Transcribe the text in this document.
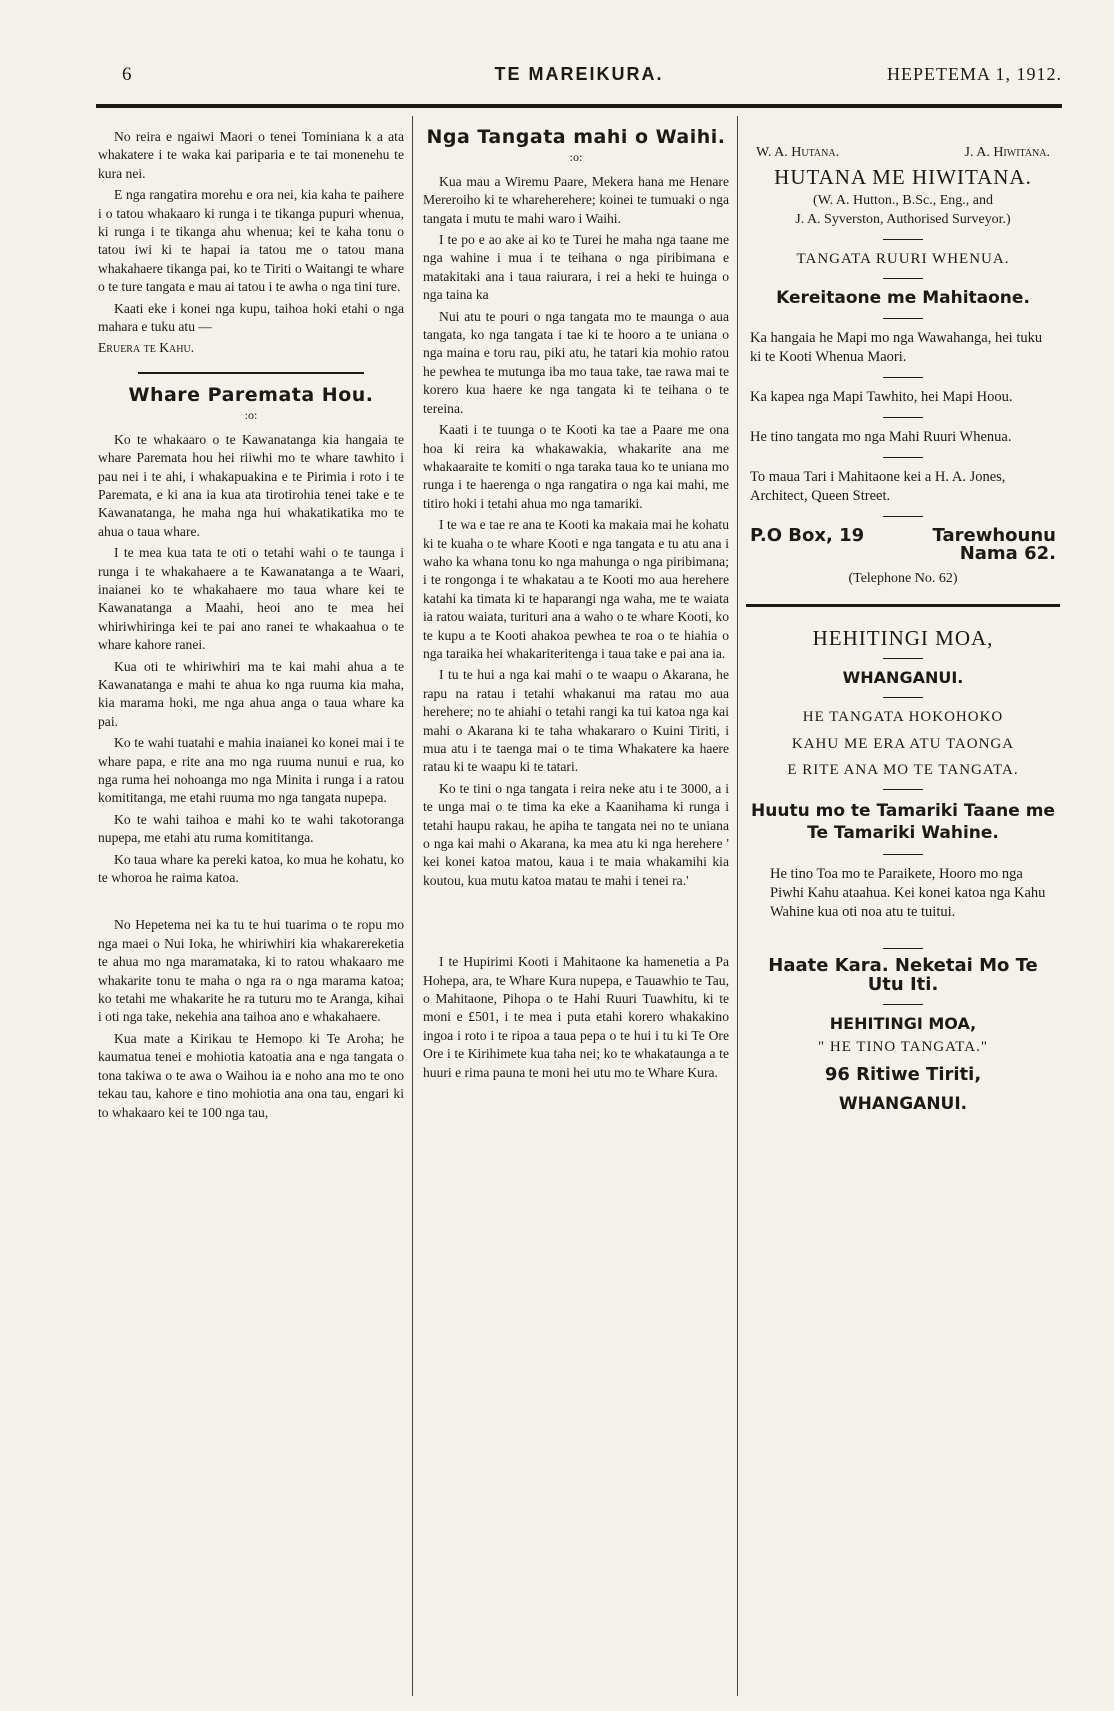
6	TE MAREIKURA.	HEPETEMA 1, 1912.

No reira e ngaiwi Maori o tenei Tominiana k a ata whakatere i te waka kai pariparia e te tai monenehu te kura nei.

E nga rangatira morehu e ora nei, kia kaha te paihere i o tatou whakaaro ki runga i te tikanga pupuri whenua, ki runga i te tikanga ahu whenua; kei te kaha tonu o tatou iwi ki te hapai ia tatou me o tatou mana whakahaere tikanga pai, ko te Tiriti o Waitangi te whare o te ture tangata e mau ai tatou i te awha o nga tini ture.

Kaati eke i konei nga kupu, taihoa hoki etahi o nga mahara e tuku atu —

Eruera te Kahu.

Whare Paremata Hou.
:o:

Ko te whakaaro o te Kawanatanga kia hangaia te whare Paremata hou hei riiwhi mo te whare tawhito i pau nei i te ahi, i whakapuakina e te Pirimia i roto i te Paremata, e ki ana ia kua ata tirotirohia tenei take e te Kawanatanga, he maha nga hui whakatikatika mo te ahua o taua whare.

I te mea kua tata te oti o tetahi wahi o te taunga i runga i te whakahaere a te Kawanatanga a te Waari, inaianei ko te whakahaere mo taua whare kei te Kawanatanga a Maahi, heoi ano te mea hei whiriwhiringa kei te pai ano ranei te whakaahua o te whare kahore ranei.

Kua oti te whiriwhiri ma te kai mahi ahua a te Kawanatanga e mahi te ahua ko nga ruuma kia maha, kia marama hoki, me nga ahua anga o taua whare ka pai.

Ko te wahi tuatahi e mahia inaianei ko konei mai i te whare papa, e rite ana mo nga ruuma nunui e rua, ko nga ruma hei nohoanga mo nga Minita i runga i a ratou komititanga, me etahi ruuma mo nga tangata nupepa.

Ko te wahi taihoa e mahi ko te wahi takotoranga nupepa, me etahi atu ruma komititanga.

Ko taua whare ka pereki katoa, ko mua he kohatu, ko te whoroa he raima katoa.

No Hepetema nei ka tu te hui tuarima o te ropu mo nga maei o Nui Ioka, he whiriwhiri kia whakarereketia te ahua mo nga maramataka, ki to ratou whakaaro me whakarite tonu te maha o nga ra o nga marama katoa; ko tetahi me whakarite he ra tuturu mo te Aranga, kihai i oti nga take, nekehia ana taihoa ano e whakahaere.

Kua mate a Kirikau te Hemopo ki Te Aroha; he kaumatua tenei e mohiotia katoatia ana e nga tangata o tona takiwa o te awa o Waihou ia e noho ana mo te ono tekau tau, kahore e tino mohiotia ana ona tau, engari ki to whakaaro kei te 100 nga tau,

Nga Tangata mahi o Waihi.
:o:

Kua mau a Wiremu Paare, Mekera hana me Henare Mereroiho ki te whareherehere; koinei te tumuaki o nga tangata i mutu te mahi waro i Waihi.

I te po e ao ake ai ko te Turei he maha nga taane me nga wahine i mua i te teihana o nga piribimana e matakitaki ana i taua raiurara, i rei a heki te huinga o nga taina ka

Nui atu te pouri o nga tangata mo te maunga o aua tangata, ko nga tangata i tae ki te hooro a te uniana o nga maina e toru rau, piki atu, he tatari kia mohio ratou he pewhea te mutunga iba mo taua take, tae rawa mai te korero kua haere ke nga tangata ki te teihana o te tereina.

Kaati i te tuunga o te Kooti ka tae a Paare me ona hoa ki reira ka whakawakia, whakarite ana me whakaaraite te komiti o nga taraka taua ko te uniana mo runga i te haerenga o nga rangatira o nga kai mahi, me titiro hoki i tetahi ahua mo nga tamariki.

I te wa e tae re ana te Kooti ka makaia mai he kohatu ki te kuaha o te whare Kooti e nga tangata e tu atu ana i waho ka whana tonu ko nga mahunga o nga piribimana; i te rongonga i te whakatau a te Kooti mo aua herehere katahi ka timata ki te haparangi nga waha, me te waiata ia ratou waiata, turituri ana a waho o te whare Kooti, ko te kupu a te Kooti ahakoa pewhea te roa o te hiahia o nga taraika hei whakariteritenga i taua take e pai ana ia.

I tu te hui a nga kai mahi o te waapu o Akarana, he rapu na ratau i tetahi whakanui ma ratau mo aua herehere; no te ahiahi o tetahi rangi ka tui katoa nga kai mahi o Akarana ki te taha whakararo o Kuini Tiriti, i mua atu i te taenga mai o te tima Whakatere ka haere ratau ki te waapu ki te tatari.

Ko te tini o nga tangata i reira neke atu i te 3000, a i te unga mai o te tima ka eke a Kaanihama ki runga i tetahi haupu rakau, he apiha te tangata nei no te uniana o nga kai mahi o Akarana, ka mea atu ki nga herehere ' kei konei katoa matou, kaua i te maia whakamihi kia koutou, kua mutu katoa matau te mahi i tenei ra.'

I te Hupirimi Kooti i Mahitaone ka hamenetia a Pa Hohepa, ara, te Whare Kura nupepa, e Tauawhio te Tau, o Mahitaone, Pihopa o te Hahi Ruuri Tuawhitu, ki te moni e £501, i te mea i puta etahi korero whakakino ingoa i roto i te ripoa a taua pepa o te hui i tu ki Te Ore Ore i te Kirihimete kua taha nei; ko te whakataunga a te huuri e rima pauna te moni hei utu mo te Whare Kura.

W. A. Hutana.	J. A. Hiwitana.
HUTANA ME HIWITANA.
(W. A. Hutton., B.Sc., Eng., and
J. A. Syverston, Authorised Surveyor.)
TANGATA RUURI WHENUA.
Kereitaone me Mahitaone.
Ka hangaia he Mapi mo nga Wawahanga, hei tuku ki te Kooti Whenua Maori.
Ka kapea nga Mapi Tawhito, hei Mapi Hoou.
He tino tangata mo nga Mahi Ruuri Whenua.
To maua Tari i Mahitaone kei a H. A. Jones, Architect, Queen Street.
P.O Box, 19	Tarewhounu
Nama 62.
(Telephone No. 62)
HEHITINGI MOA,
WHANGANUI.
HE TANGATA HOKOHOKO
KAHU ME ERA ATU TAONGA
E RITE ANA MO TE TANGATA.
Huutu mo te Tamariki Taane me Te Tamariki Wahine.
He tino Toa mo te Paraikete, Hooro mo nga Piwhi Kahu ataahua. Kei konei katoa nga Kahu Wahine kua oti noa atu te tuitui.
Haate Kara. Neketai Mo Te Utu Iti.
HEHITINGI MOA,
" HE TINO TANGATA."
96 Ritiwe Tiriti,
WHANGANUI.
